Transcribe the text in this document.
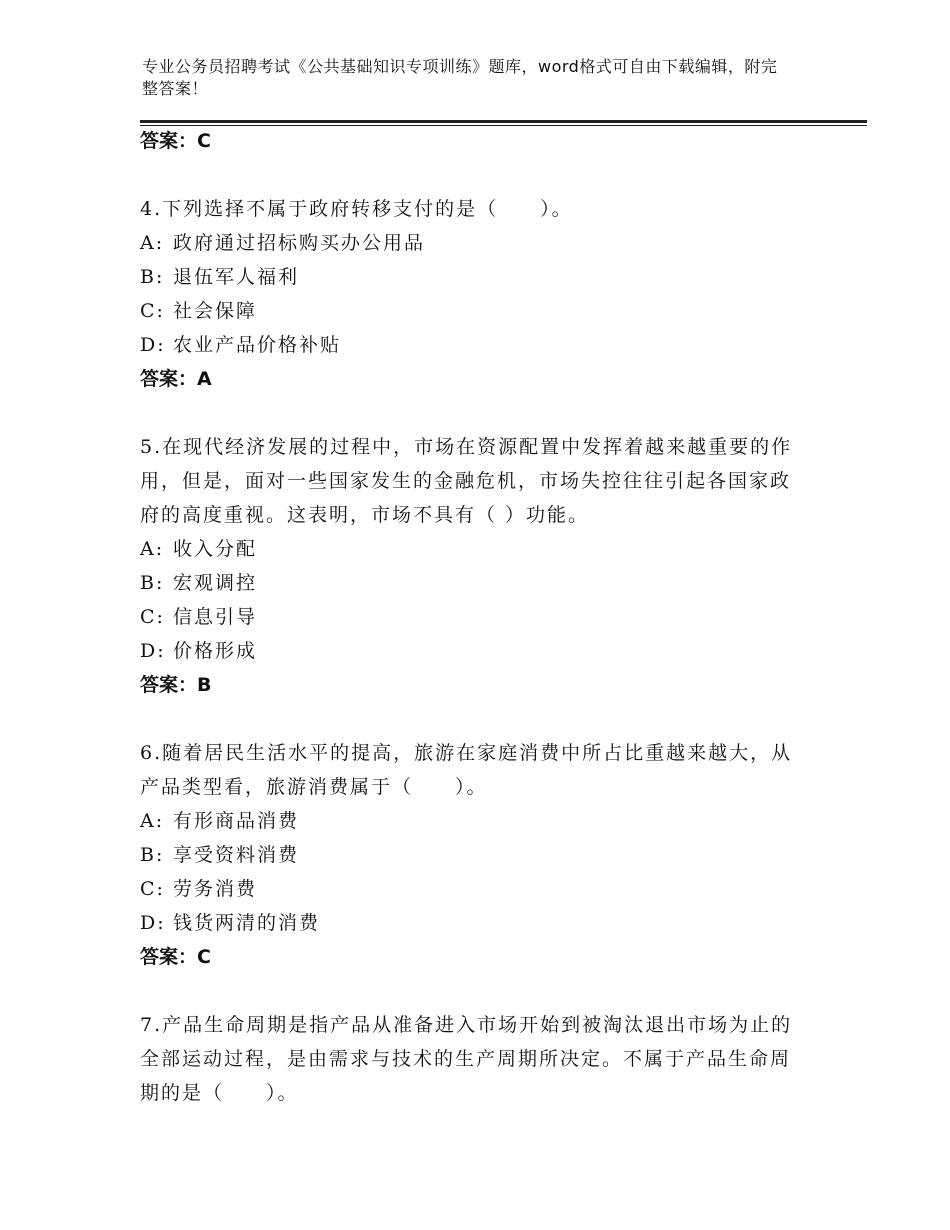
专业公务员招聘考试《公共基础知识专项训练》题库，word格式可自由下载编辑，附完整答案！
答案：C
4.下列选择不属于政府转移支付的是（　　）。
A: 政府通过招标购买办公用品
B: 退伍军人福利
C: 社会保障
D: 农业产品价格补贴
答案：A
5.在现代经济发展的过程中，市场在资源配置中发挥着越来越重要的作用，但是，面对一些国家发生的金融危机，市场失控往往引起各国家政府的高度重视。这表明，市场不具有（ ）功能。
A: 收入分配
B: 宏观调控
C: 信息引导
D: 价格形成
答案：B
6.随着居民生活水平的提高，旅游在家庭消费中所占比重越来越大，从产品类型看，旅游消费属于（　　）。
A: 有形商品消费
B: 享受资料消费
C: 劳务消费
D: 钱货两清的消费
答案：C
7.产品生命周期是指产品从准备进入市场开始到被淘汰退出市场为止的全部运动过程，是由需求与技术的生产周期所决定。不属于产品生命周期的是（　　）。
